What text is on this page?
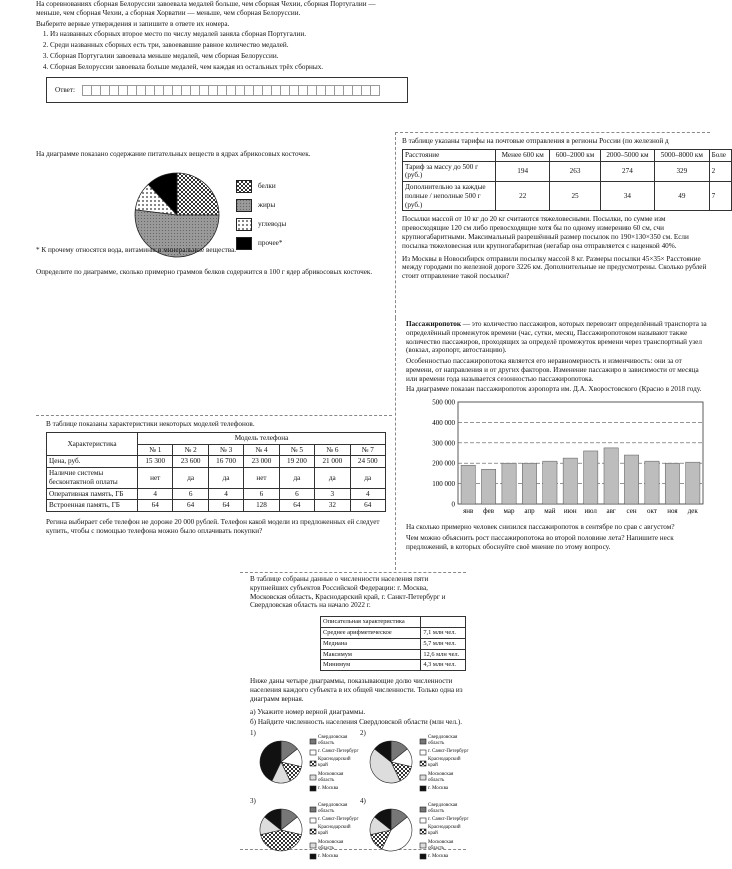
На соревнованиях сборная Белоруссии завоевала медалей больше, чем сборная Чехии, сборная Португалии — меньше, чем сборная Чехии, а сборная Хорватии — меньше, чем сборная Белоруссии.

Выберите верные утверждения и запишите в ответе их номера.

1. Из названных сборных второе место по числу медалей заняла сборная Португалии.
2. Среди названных сборных есть три, завоевавшие равное количество медалей.
3. Сборная Португалии завоевала меньше медалей, чем сборная Белоруссии.
4. Сборная Белоруссии завоевала больше медалей, чем каждая из остальных трёх сборных.
Ответ:

На диаграмме показано содержание питательных веществ в ядрах абрикосовых косточек.

белки
жиры
углеводы
прочее*

* К прочему относятся вода, витамины и минеральные вещества.

Определите по диаграмме, сколько примерно граммов белков содержится в 100 г ядер абрикосовых косточек.

В таблице указаны тарифы на почтовые отправления в регионы России (по железной д

Расстояние	Менее 600 км	600–2000 км	2000–5000 км	5000–8000 км	Боле
Тариф за массу до 500 г (руб.)	194	263	274	329	2
Дополнительно за каждые полные / неполные 500 г (руб.)	22	25	34	49	7

Посылки массой от 10 кг до 20 кг считаются тяжеловесными. Посылки, по сумме изм превосходящие 120 см либо превосходящие хотя бы по одному измерению 60 см, счи крупногабаритными. Максимальный разрешённый размер посылок по 190×130×350 см. Если посылка тяжеловесная или крупногабаритная (негабар она отправляется с наценкой 40%.

Из Москвы в Новосибирск отправили посылку массой 8 кг. Размеры посылки 45×35× Расстояние между городами по железной дороге 3226 км. Дополнительные не предусмотрены. Сколько рублей стоит отправление такой посылки?

Пассажиропоток — это количество пассажиров, которых перевозит определённый транспорта за определённый промежуток времени (час, сутки, месяц, Пассажиропотоком называют также количество пассажиров, проходящих за определё промежуток времени через транспортный узел (вокзал, аэропорт, автостанцию).

Особенностью пассажиропотока является его неравномерность и изменчивость: они за от времени, от направления и от других факторов. Изменение пассажиро в зависимости от месяца или времени года называется сезонностью пассажиропотока.

На диаграмме показан пассажиропоток аэропорта им. Д.А. Хворостовского (Красно в 2018 году.

0
100 000
200 000
300 000
400 000
500 000
янв фев мар апр май июн июл авг сен окт ноя дек

На сколько примерно человек снизился пассажиропоток в сентябре по срав с августом?

Чем можно объяснить рост пассажиропотока во второй половине лета? Напишите неск предложений, в которых обоснуйте своё мнение по этому вопросу.

В таблице показаны характеристики некоторых моделей телефонов.

Характеристика	Модель телефона						
	№ 1	№ 2	№ 3	№ 4	№ 5	№ 6	№ 7
Цена, руб.	15 300	23 600	16 700	23 000	19 200	21 000	24 500
Наличие системы бесконтактной оплаты	нет	да	да	нет	да	да	да
Оперативная память, ГБ	4	6	4	6	6	3	4
Встроенная память, ГБ	64	64	64	128	64	32	64

Регина выбирает себе телефон не дороже 20 000 рублей. Телефон какой модели из предложенных ей следует купить, чтобы с помощью телефона можно было оплачивать покупки?

В таблице собраны данные о численности населения пяти крупнейших субъектов Российской Федерации: г. Москва, Московская область, Краснодарский край, г. Санкт-Петербург и Свердловская область на начало 2022 г.

Описательная характеристика	
Среднее арифметическое	7,1 млн чел.
Медиана	5,7 млн чел.
Максимум	12,6 млн чел.
Минимум	4,3 млн чел.

Ниже даны четыре диаграммы, показывающие долю численности населения каждого субъекта в их общей численности. Только одна из диаграмм верная.

а) Укажите номер верной диаграммы.

б) Найдите численность населения Свердловской области (млн чел.).

1)
Свердловская область
г. Санкт-Петербург
Краснодарский край
Московская область
г. Москва
2)
Свердловская область
г. Санкт-Петербург
Краснодарский край
Московская область
г. Москва
3)
Свердловская область
г. Санкт-Петербург
Краснодарский край
Московская область
г. Москва
4)
Свердловская область
г. Санкт-Петербург
Краснодарский край
Московская область
г. Москва
